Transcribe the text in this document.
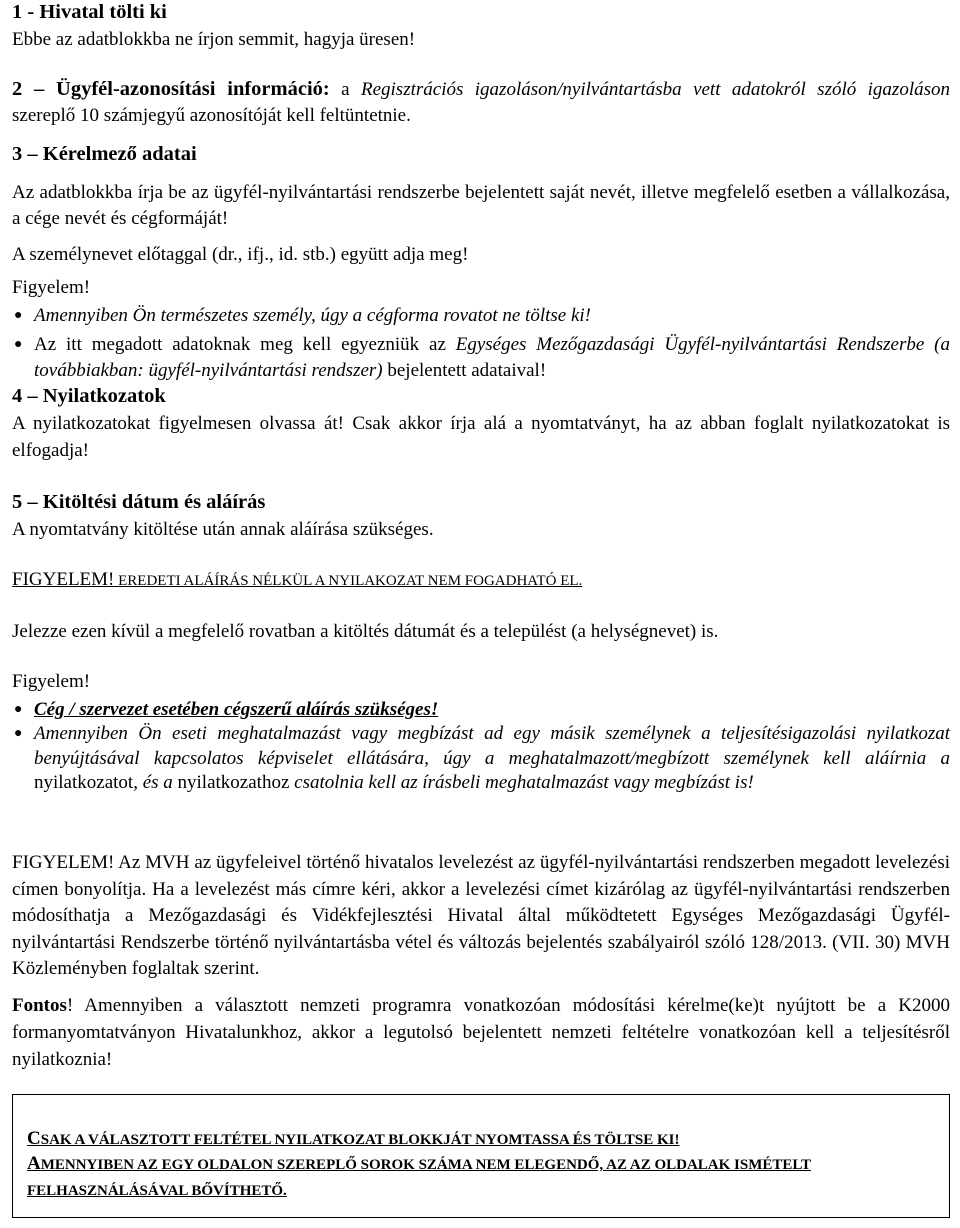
1 - Hivatal tölti ki

Ebbe az adatblokkba ne írjon semmit, hagyja üresen!

2 – Ügyfél-azonosítási információ: a Regisztrációs igazoláson/nyilvántartásba vett adatokról szóló igazoláson szereplő 10 számjegyű azonosítóját kell feltüntetnie.

3 – Kérelmező adatai

Az adatblokkba írja be az ügyfél-nyilvántartási rendszerbe bejelentett saját nevét, illetve megfelelő esetben a vállalkozása, a cége nevét és cégformáját!

A személynevet előtaggal (dr., ifj., id. stb.) együtt adja meg!

Figyelem!

● Amennyiben Ön természetes személy, úgy a cégforma rovatot ne töltse ki!
● Az itt megadott adatoknak meg kell egyezniük az Egységes Mezőgazdasági Ügyfél-nyilvántartási Rendszerbe (a továbbiakban: ügyfél-nyilvántartási rendszer) bejelentett adataival!

4 – Nyilatkozatok

A nyilatkozatokat figyelmesen olvassa át! Csak akkor írja alá a nyomtatványt, ha az abban foglalt nyilatkozatokat is elfogadja!

5 – Kitöltési dátum és aláírás

A nyomtatvány kitöltése után annak aláírása szükséges.

FIGYELEM! EREDETI ALÁÍRÁS NÉLKÜL A NYILAKOZAT NEM FOGADHATÓ EL.

Jelezze ezen kívül a megfelelő rovatban a kitöltés dátumát és a települést (a helységnevet) is.

Figyelem!

● Cég / szervezet esetében cégszerű aláírás szükséges!
● Amennyiben Ön eseti meghatalmazást vagy megbízást ad egy másik személynek a teljesítésigazolási nyilatkozat benyújtásával kapcsolatos képviselet ellátására, úgy a meghatalmazott/megbízott személynek kell aláírnia a nyilatkozatot, és a nyilatkozathoz csatolnia kell az írásbeli meghatalmazást vagy megbízást is!

FIGYELEM! Az MVH az ügyfeleivel történő hivatalos levelezést az ügyfél-nyilvántartási rendszerben megadott levelezési címen bonyolítja. Ha a levelezést más címre kéri, akkor a levelezési címet kizárólag az ügyfél-nyilvántartási rendszerben módosíthatja a Mezőgazdasági és Vidékfejlesztési Hivatal által működtetett Egységes Mezőgazdasági Ügyfél-nyilvántartási Rendszerbe történő nyilvántartásba vétel és változás bejelentés szabályairól szóló 128/2013. (VII. 30) MVH Közleményben foglaltak szerint.

Fontos! Amennyiben a választott nemzeti programra vonatkozóan módosítási kérelme(ke)t nyújtott be a K2000 formanyomtatványon Hivatalunkhoz, akkor a legutolsó bejelentett nemzeti feltételre vonatkozóan kell a teljesítésről nyilatkoznia!

CSAK A VÁLASZTOTT FELTÉTEL NYILATKOZAT BLOKKJÁT NYOMTASSA ÉS TÖLTSE KI!

AMENNYIBEN AZ EGY OLDALON SZEREPLŐ SOROK SZÁMA NEM ELEGENDŐ, AZ AZ OLDALAK ISMÉTELT FELHASZNÁLÁSÁVAL BŐVÍTHETŐ.
